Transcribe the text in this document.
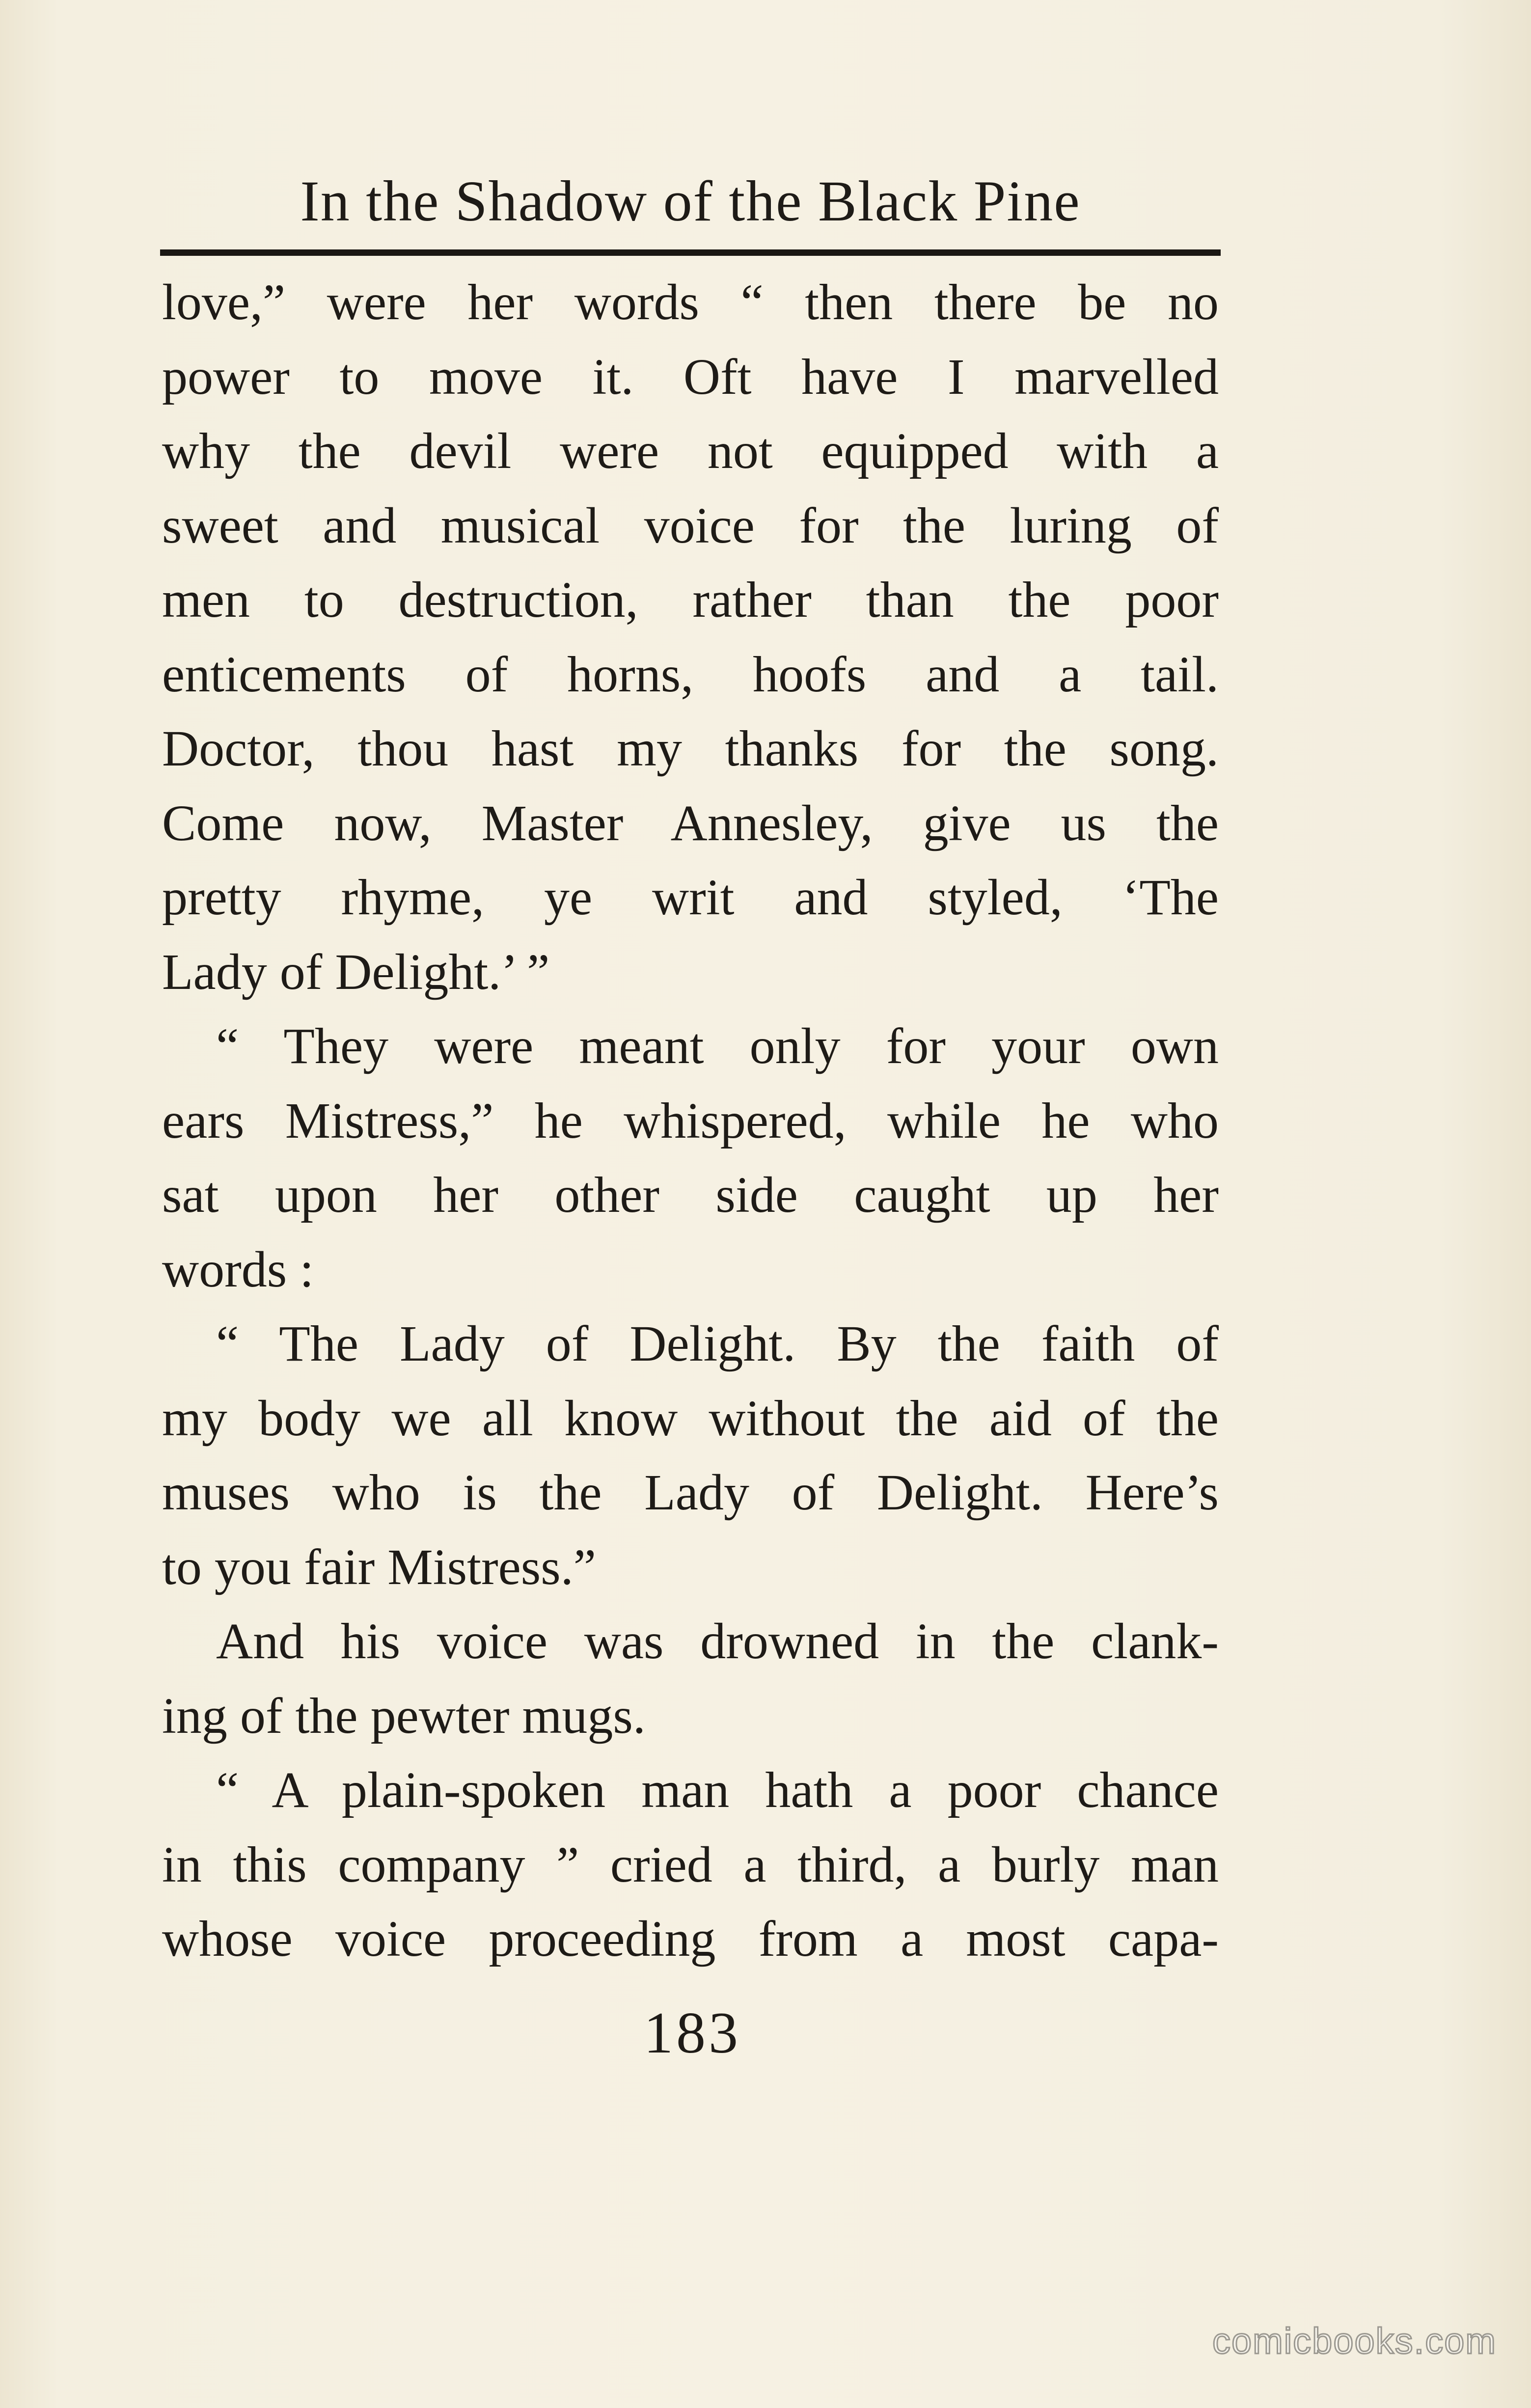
In the Shadow of the Black Pine
love,” were her words “ then there be no
power to move it. Oft have I marvelled
why the devil were not equipped with a
sweet and musical voice for the luring of
men to destruction, rather than the poor
enticements of horns, hoofs and a tail.
Doctor, thou hast my thanks for the song.
Come now, Master Annesley, give us the
pretty rhyme, ye writ and styled, ‘The
Lady of Delight.’ ”
“ They were meant only for your own
ears Mistress,” he whispered, while he who
sat upon her other side caught up her
words :
“ The Lady of Delight. By the faith of
my body we all know without the aid of the
muses who is the Lady of Delight. Here’s
to you fair Mistress.”
And his voice was drowned in the clank-
ing of the pewter mugs.
“ A plain-spoken man hath a poor chance
in this company ” cried a third, a burly man
whose voice proceeding from a most capa-
183
comicbooks.com
